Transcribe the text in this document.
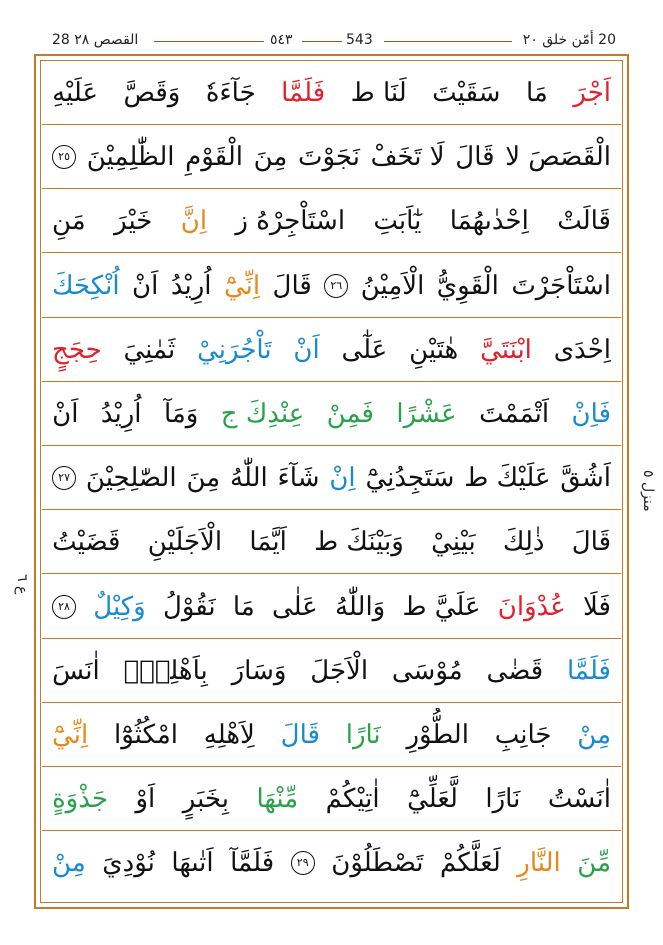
القصص ٢٨ 28	٥٤٣	543	20 أمّن خلق ٢٠
اَجْرَ
مَا
سَقَيْتَ
لَنَا ط
فَلَمَّا
جَآءَهٗ
وَقَصَّ
عَلَيْهِ
الْقَصَصَ لا
قَالَ
لَا تَخَفْ
نَجَوْتَ
مِنَ
الْقَوْمِ
الظّٰلِمِيْنَ
٢٥
قَالَتْ
اِحْدٰىهُمَا
يٰٓاَبَتِ
اسْتَاْجِرْهُ ز
اِنَّ
خَيْرَ
مَنِ
اسْتَاْجَرْتَ
الْقَوِيُّ
الْاَمِيْنُ
٢٦
قَالَ
اِنِّيْٓ
اُرِيْدُ
اَنْ
اُنْكِحَكَ
اِحْدَى
ابْنَتَيَّ
هٰتَيْنِ
عَلٰٓى
اَنْ
تَاْجُرَنِيْ
ثَمٰنِيَ
حِجَجٍ
فَاِنْ
اَتْمَمْتَ
عَشْرًا
فَمِنْ
عِنْدِكَ ج
وَمَآ
اُرِيْدُ
اَنْ
اَشُقَّ
عَلَيْكَ ط
سَتَجِدُنِيْٓ
اِنْ
شَآءَ
اللّٰهُ
مِنَ
الصّٰلِحِيْنَ
٢٧
قَالَ
ذٰلِكَ
بَيْنِيْ
وَبَيْنَكَ ط
اَيَّمَا
الْاَجَلَيْنِ
قَضَيْتُ
فَلَا
عُدْوَانَ
عَلَيَّ ط
وَاللّٰهُ
عَلٰى
مَا
نَقُوْلُ
وَكِيْلٌ
٢٨
فَلَمَّا
قَضٰى
مُوْسَى
الْاَجَلَ
وَسَارَ
بِاَهْلِهٖٓ
اٰنَسَ
مِنْ
جَانِبِ
الطُّوْرِ
نَارًا
قَالَ
لِاَهْلِهِ
امْكُثُوْٓا
اِنِّيْٓ
اٰنَسْتُ
نَارًا
لَّعَلِّيْٓ
اٰتِيْكُمْ
مِّنْهَا
بِخَبَرٍ
اَوْ
جَذْوَةٍ
مِّنَ
النَّارِ
لَعَلَّكُمْ
تَصْطَلُوْنَ
٢٩
فَلَمَّآ
اَتٰىهَا
نُوْدِيَ
مِنْ
منزل ٥
ع ٦
